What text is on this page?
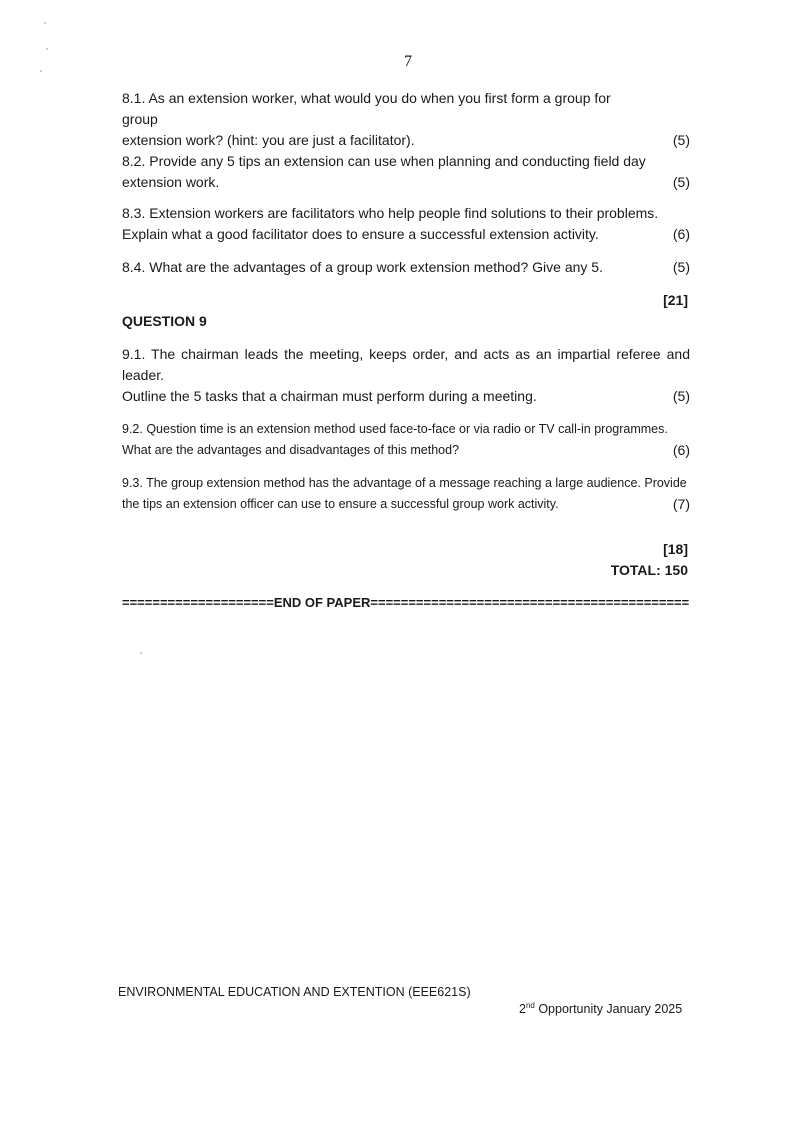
7
8.1. As an extension worker, what would you do when you first form a group for group
extension work? (hint: you are just a facilitator).	(5)
8.2. Provide any 5 tips an extension can use when planning and conducting field day
extension work.	(5)
8.3. Extension workers are facilitators who help people find solutions to their problems.
Explain what a good facilitator does to ensure a successful extension activity.	(6)
8.4. What are the advantages of a group work extension method? Give any 5.	(5)
[21]
QUESTION 9
9.1. The chairman leads the meeting, keeps order, and acts as an impartial referee and leader.
Outline the 5 tasks that a chairman must perform during a meeting.	(5)
9.2. Question time is an extension method used face-to-face or via radio or TV call-in programmes.
What are the advantages and disadvantages of this method?	(6)
9.3. The group extension method has the advantage of a message reaching a large audience. Provide
the tips an extension officer can use to ensure a successful group work activity.	(7)
[18]
TOTAL: 150
====================END OF PAPER==========================================
ENVIRONMENTAL EDUCATION AND EXTENTION (EEE621S)
2nd Opportunity January 2025
